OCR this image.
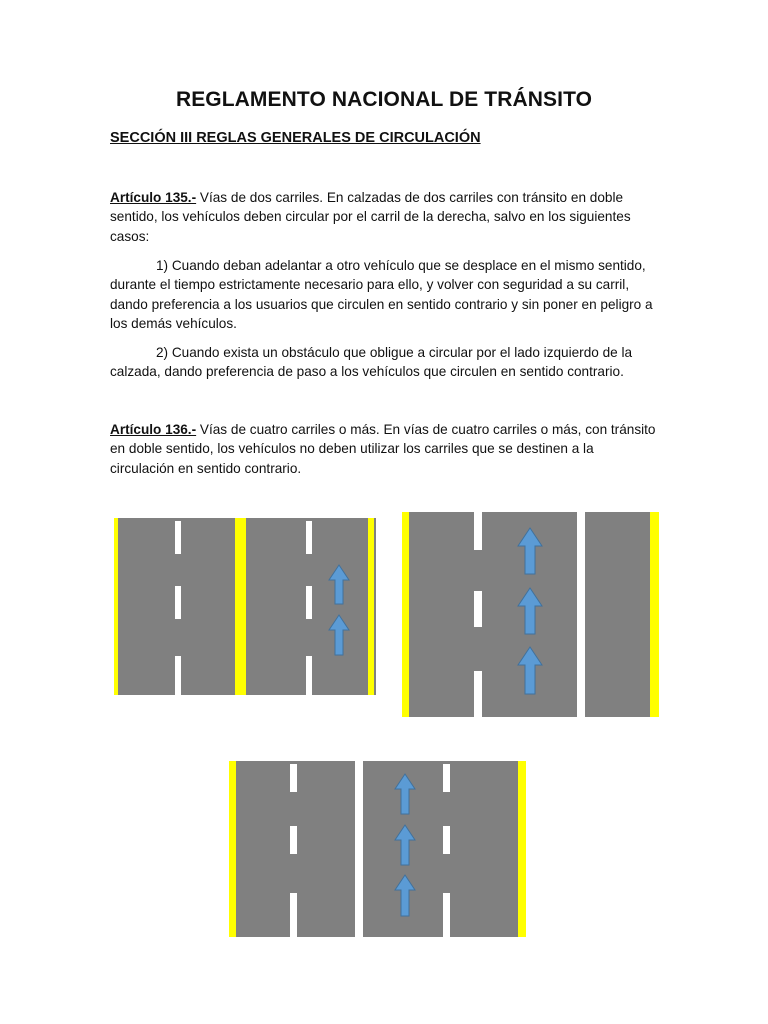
REGLAMENTO NACIONAL DE TRÁNSITO
SECCIÓN III REGLAS GENERALES DE CIRCULACIÓN
Artículo 135.- Vías de dos carriles. En calzadas de dos carriles con tránsito en doble sentido, los vehículos deben circular por el carril de la derecha, salvo en los siguientes casos:
1) Cuando deban adelantar a otro vehículo que se desplace en el mismo sentido, durante el tiempo estrictamente necesario para ello, y volver con seguridad a su carril, dando preferencia a los usuarios que circulen en sentido contrario y sin poner en peligro a los demás vehículos.
2) Cuando exista un obstáculo que obligue a circular por el lado izquierdo de la calzada, dando preferencia de paso a los vehículos que circulen en sentido contrario.
Artículo 136.- Vías de cuatro carriles o más. En vías de cuatro carriles o más, con tránsito en doble sentido, los vehículos no deben utilizar los carriles que se destinen a la circulación en sentido contrario.
